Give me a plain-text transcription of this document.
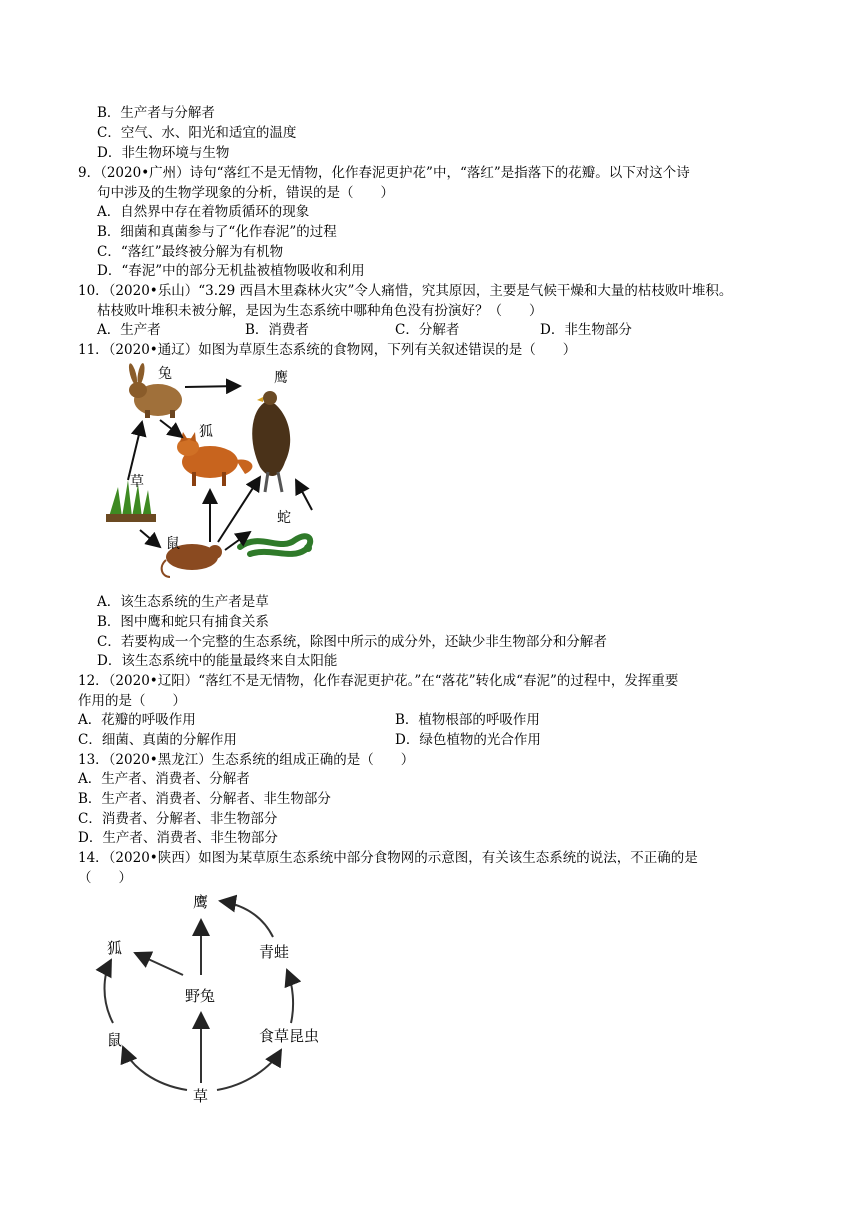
B．生产者与分解者
C．空气、水、阳光和适宜的温度
D．非生物环境与生物
9．（2020•广州）诗句“落红不是无情物，化作春泥更护花”中，“落红”是指落下的花瓣。以下对这个诗
句中涉及的生物学现象的分析，错误的是（　　）
A．自然界中存在着物质循环的现象
B．细菌和真菌参与了“化作春泥”的过程
C．“落红”最终被分解为有机物
D．“春泥”中的部分无机盐被植物吸收和利用
10．（2020•乐山）“3.29 西昌木里森林火灾”令人痛惜，究其原因，主要是气候干燥和大量的枯枝败叶堆积。
枯枝败叶堆积未被分解，是因为生态系统中哪种角色没有扮演好？（　　）
A．生产者	B．消费者	C．分解者	D．非生物部分
11．（2020•通辽）如图为草原生态系统的食物网，下列有关叙述错误的是（　　）
兔	鹰
狐
草
蛇
鼠
A．该生态系统的生产者是草
B．图中鹰和蛇只有捕食关系
C．若要构成一个完整的生态系统，除图中所示的成分外，还缺少非生物部分和分解者
D．该生态系统中的能量最终来自太阳能
12．（2020•辽阳）“落红不是无情物，化作春泥更护花。”在“落花”转化成“春泥”的过程中，发挥重要
作用的是（　　）
A．花瓣的呼吸作用	B．植物根部的呼吸作用
C．细菌、真菌的分解作用	D．绿色植物的光合作用
13．（2020•黑龙江）生态系统的组成正确的是（　　）
A．生产者、消费者、分解者
B．生产者、消费者、分解者、非生物部分
C．消费者、分解者、非生物部分
D．生产者、消费者、非生物部分
14．（2020•陕西）如图为某草原生态系统中部分食物网的示意图，有关该生态系统的说法，不正确的是
（　　）
鹰
狐	青蛙
野兔
鼠	食草昆虫
草
